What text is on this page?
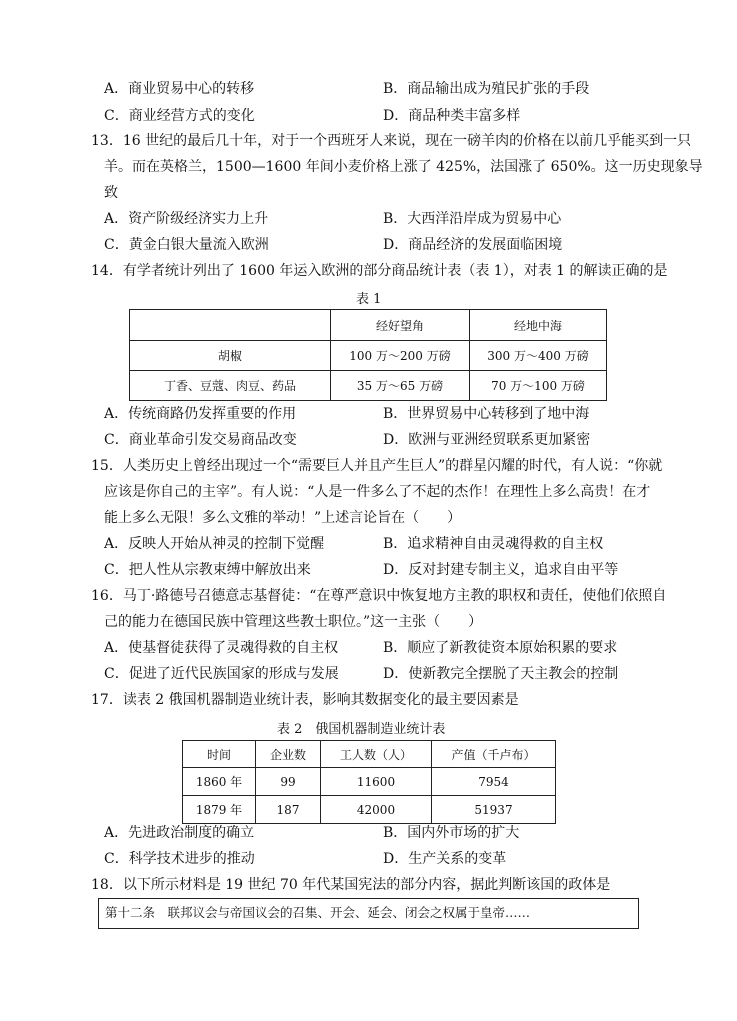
A．商业贸易中心的转移	B．商品输出成为殖民扩张的手段
C．商业经营方式的变化	D．商品种类丰富多样
13．16 世纪的最后几十年，对于一个西班牙人来说，现在一磅羊肉的价格在以前几乎能买到一只
羊。而在英格兰，1500—1600 年间小麦价格上涨了 425%，法国涨了 650%。这一历史现象导
致
A．资产阶级经济实力上升	B．大西洋沿岸成为贸易中心
C．黄金白银大量流入欧洲	D．商品经济的发展面临困境
14．有学者统计列出了 1600 年运入欧洲的部分商品统计表（表 1），对表 1 的解读正确的是
表 1
	经好望角	经地中海
胡椒	100 万～200 万磅	300 万～400 万磅
丁香、豆蔻、肉豆、药品	35 万～65 万磅	70 万～100 万磅
A．传统商路仍发挥重要的作用	B．世界贸易中心转移到了地中海
C．商业革命引发交易商品改变	D．欧洲与亚洲经贸联系更加紧密
15．人类历史上曾经出现过一个“需要巨人并且产生巨人”的群星闪耀的时代，有人说：“你就
应该是你自己的主宰”。有人说：“人是一件多么了不起的杰作！在理性上多么高贵！在才
能上多么无限！多么文雅的举动！”上述言论旨在（　　）
A．反映人开始从神灵的控制下觉醒	B．追求精神自由灵魂得救的自主权
C．把人性从宗教束缚中解放出来	D．反对封建专制主义，追求自由平等
16．马丁·路德号召德意志基督徒：“在尊严意识中恢复地方主教的职权和责任，使他们依照自
己的能力在德国民族中管理这些教士职位。”这一主张（　　）
A．使基督徒获得了灵魂得救的自主权	B．顺应了新教徒资本原始积累的要求
C．促进了近代民族国家的形成与发展	D．使新教完全摆脱了天主教会的控制
17．读表 2 俄国机器制造业统计表，影响其数据变化的最主要因素是
表 2　俄国机器制造业统计表
时间	企业数	工人数（人）	产值（千卢布）
1860 年	99	11600	7954
1879 年	187	42000	51937
A．先进政治制度的确立	B．国内外市场的扩大
C．科学技术进步的推动	D．生产关系的变革
18．以下所示材料是 19 世纪 70 年代某国宪法的部分内容，据此判断该国的政体是
第十二条　联邦议会与帝国议会的召集、开会、延会、闭会之权属于皇帝……
